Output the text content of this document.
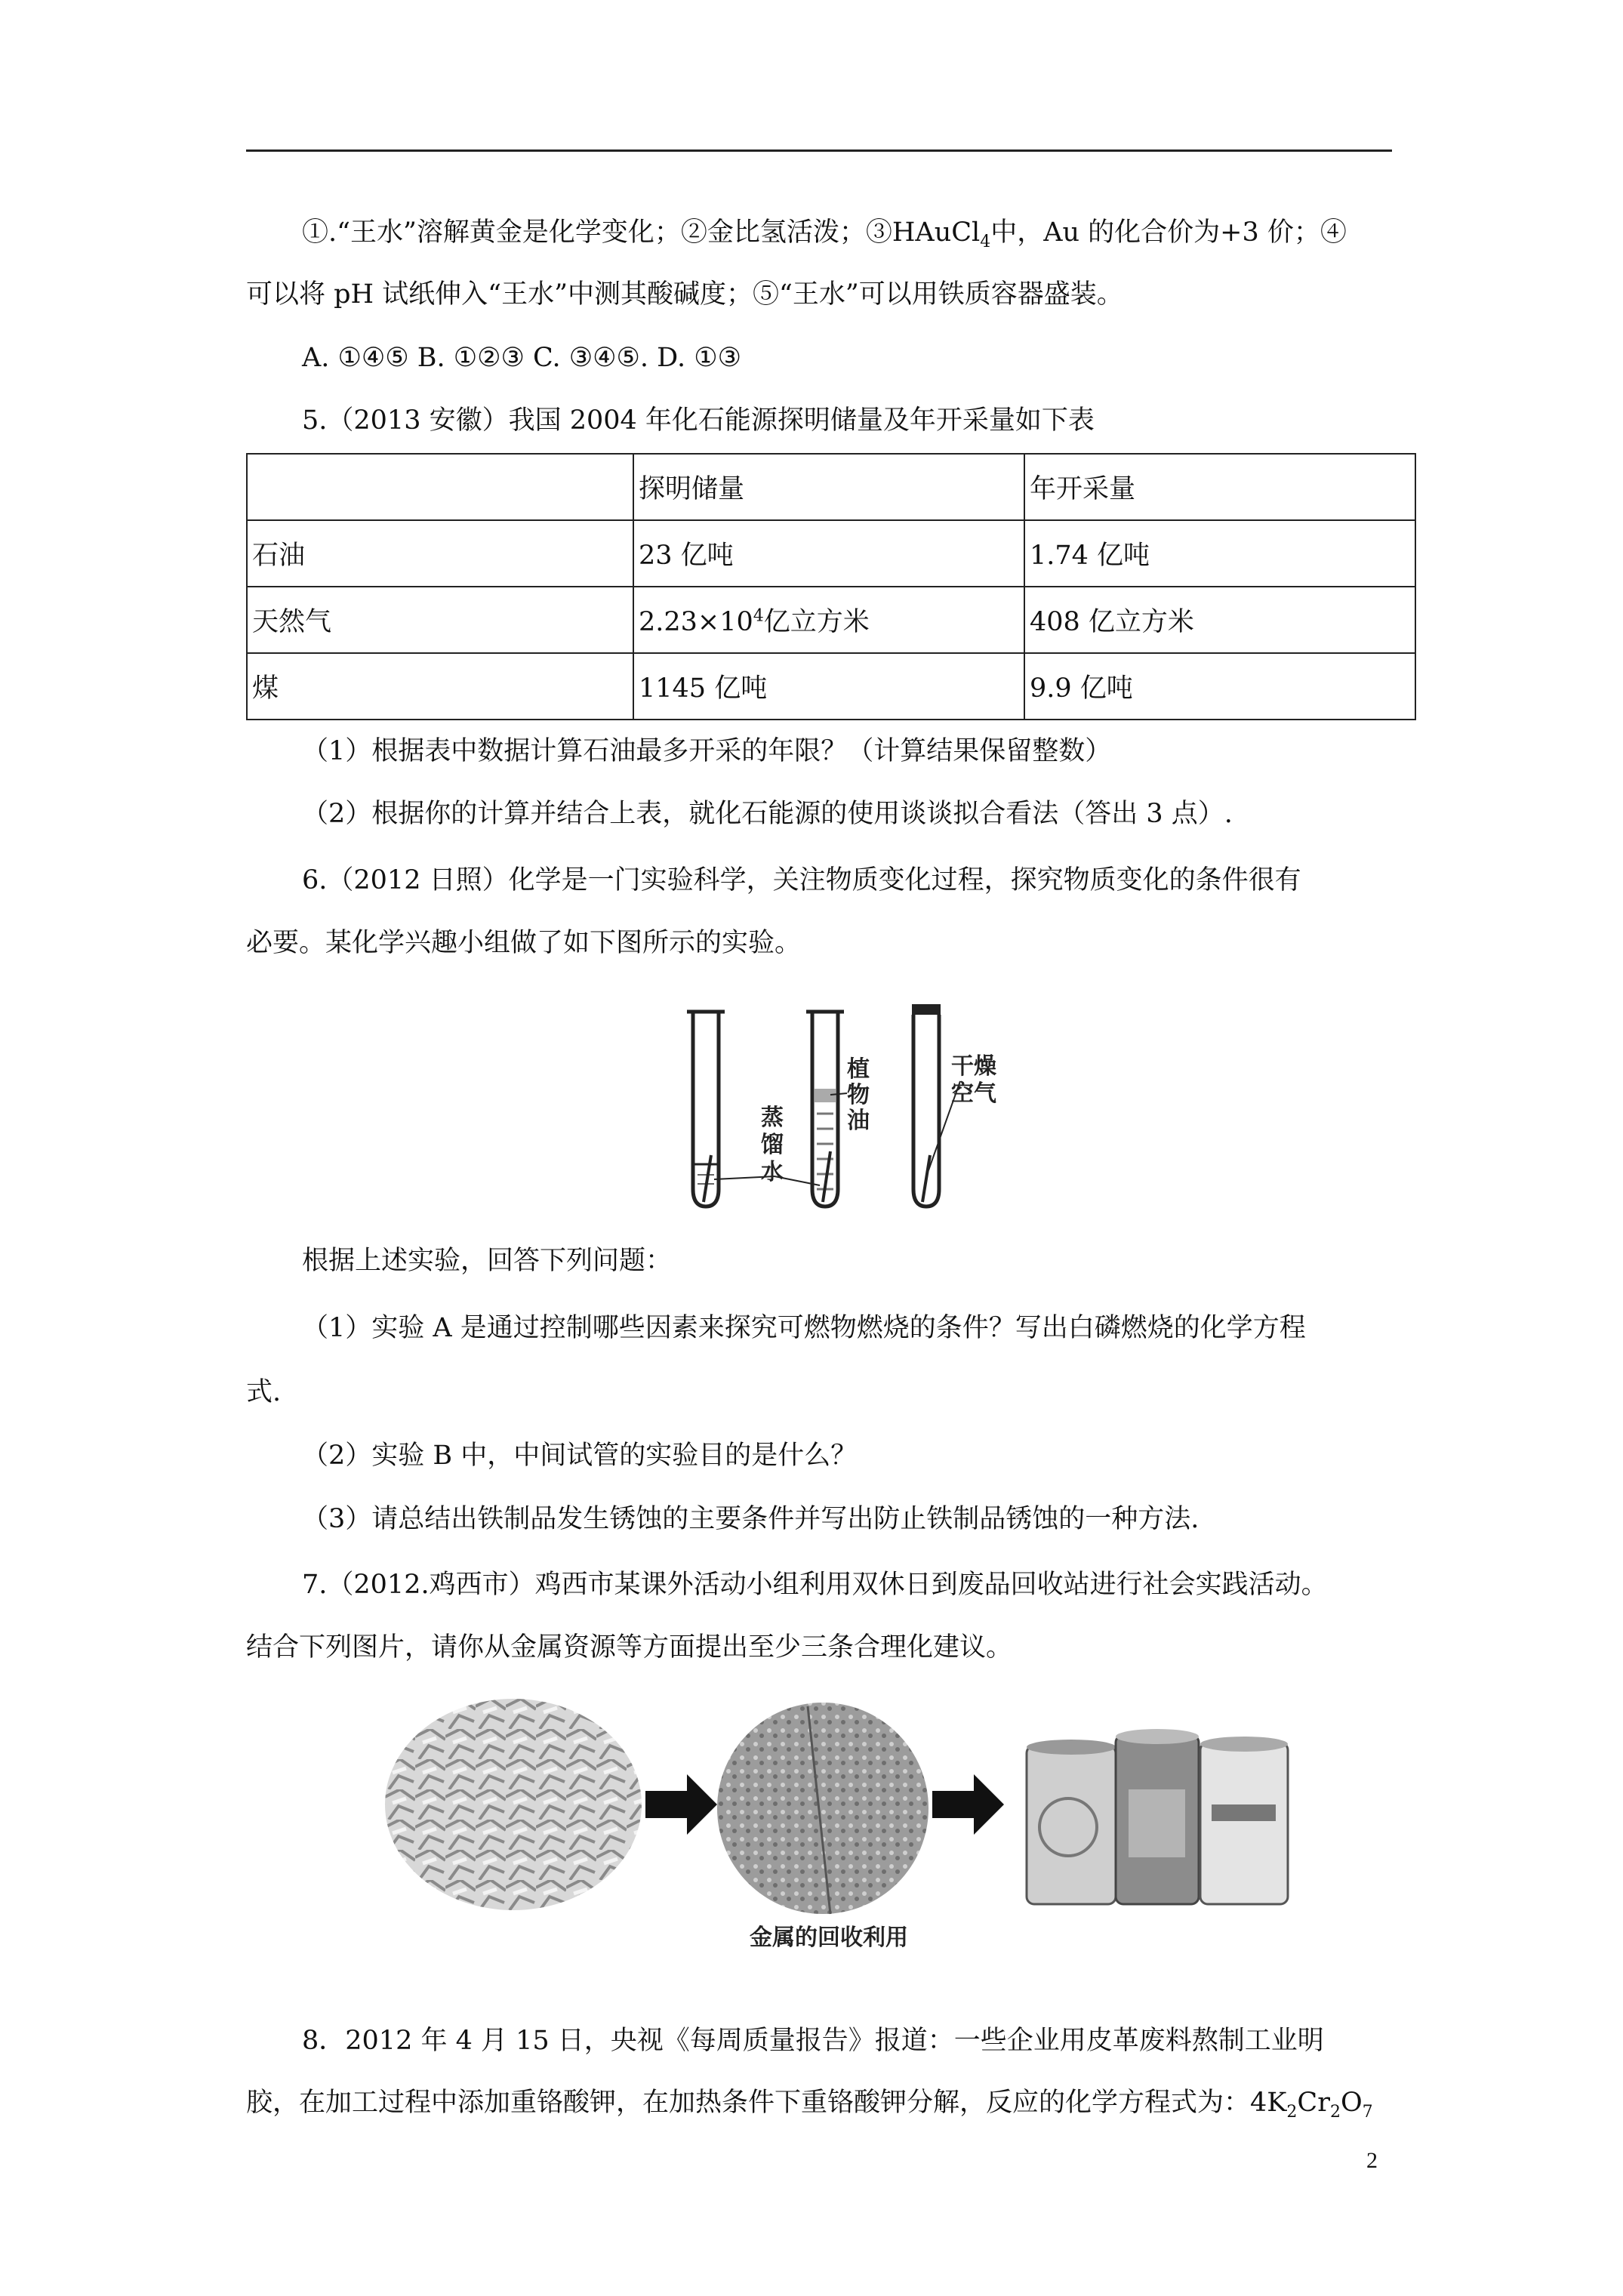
①.“王水”溶解黄金是化学变化；②金比氢活泼；③HAuCl$_4$中，Au 的化合价为+3 价；④
可以将 pH 试纸伸入“王水”中测其酸碱度；⑤“王水”可以用铁质容器盛装。
A. ①④⑤ B. ①②③ C. ③④⑤. D. ①③
5.（2013 安徽）我国 2004 年化石能源探明储量及年开采量如下表
	探明储量	年开采量
石油	23 亿吨	1.74 亿吨
天然气	$2.23\times 10^4$亿立方米	408 亿立方米
煤	1145 亿吨	9.9 亿吨
（1）根据表中数据计算石油最多开采的年限？（计算结果保留整数）
（2）根据你的计算并结合上表，就化石能源的使用谈谈拟合看法（答出 3 点）.
6.（2012 日照）化学是一门实验科学，关注物质变化过程，探究物质变化的条件很有
必要。某化学兴趣小组做了如下图所示的实验。
蒸
馏
水
植
物
油
干燥
空气
根据上述实验，回答下列问题：
（1）实验 A 是通过控制哪些因素来探究可燃物燃烧的条件？写出白磷燃烧的化学方程
式.
（2）实验 B 中，中间试管的实验目的是什么？
（3）请总结出铁制品发生锈蚀的主要条件并写出防止铁制品锈蚀的一种方法.
7.（2012.鸡西市）鸡西市某课外活动小组利用双休日到废品回收站进行社会实践活动。
结合下列图片，请你从金属资源等方面提出至少三条合理化建议。
金属的回收利用
8．2012 年 4 月 15 日，央视《每周质量报告》报道：一些企业用皮革废料熬制工业明
胶，在加工过程中添加重铬酸钾，在加热条件下重铬酸钾分解，反应的化学方程式为：$4K_2Cr_2O_7$
2
